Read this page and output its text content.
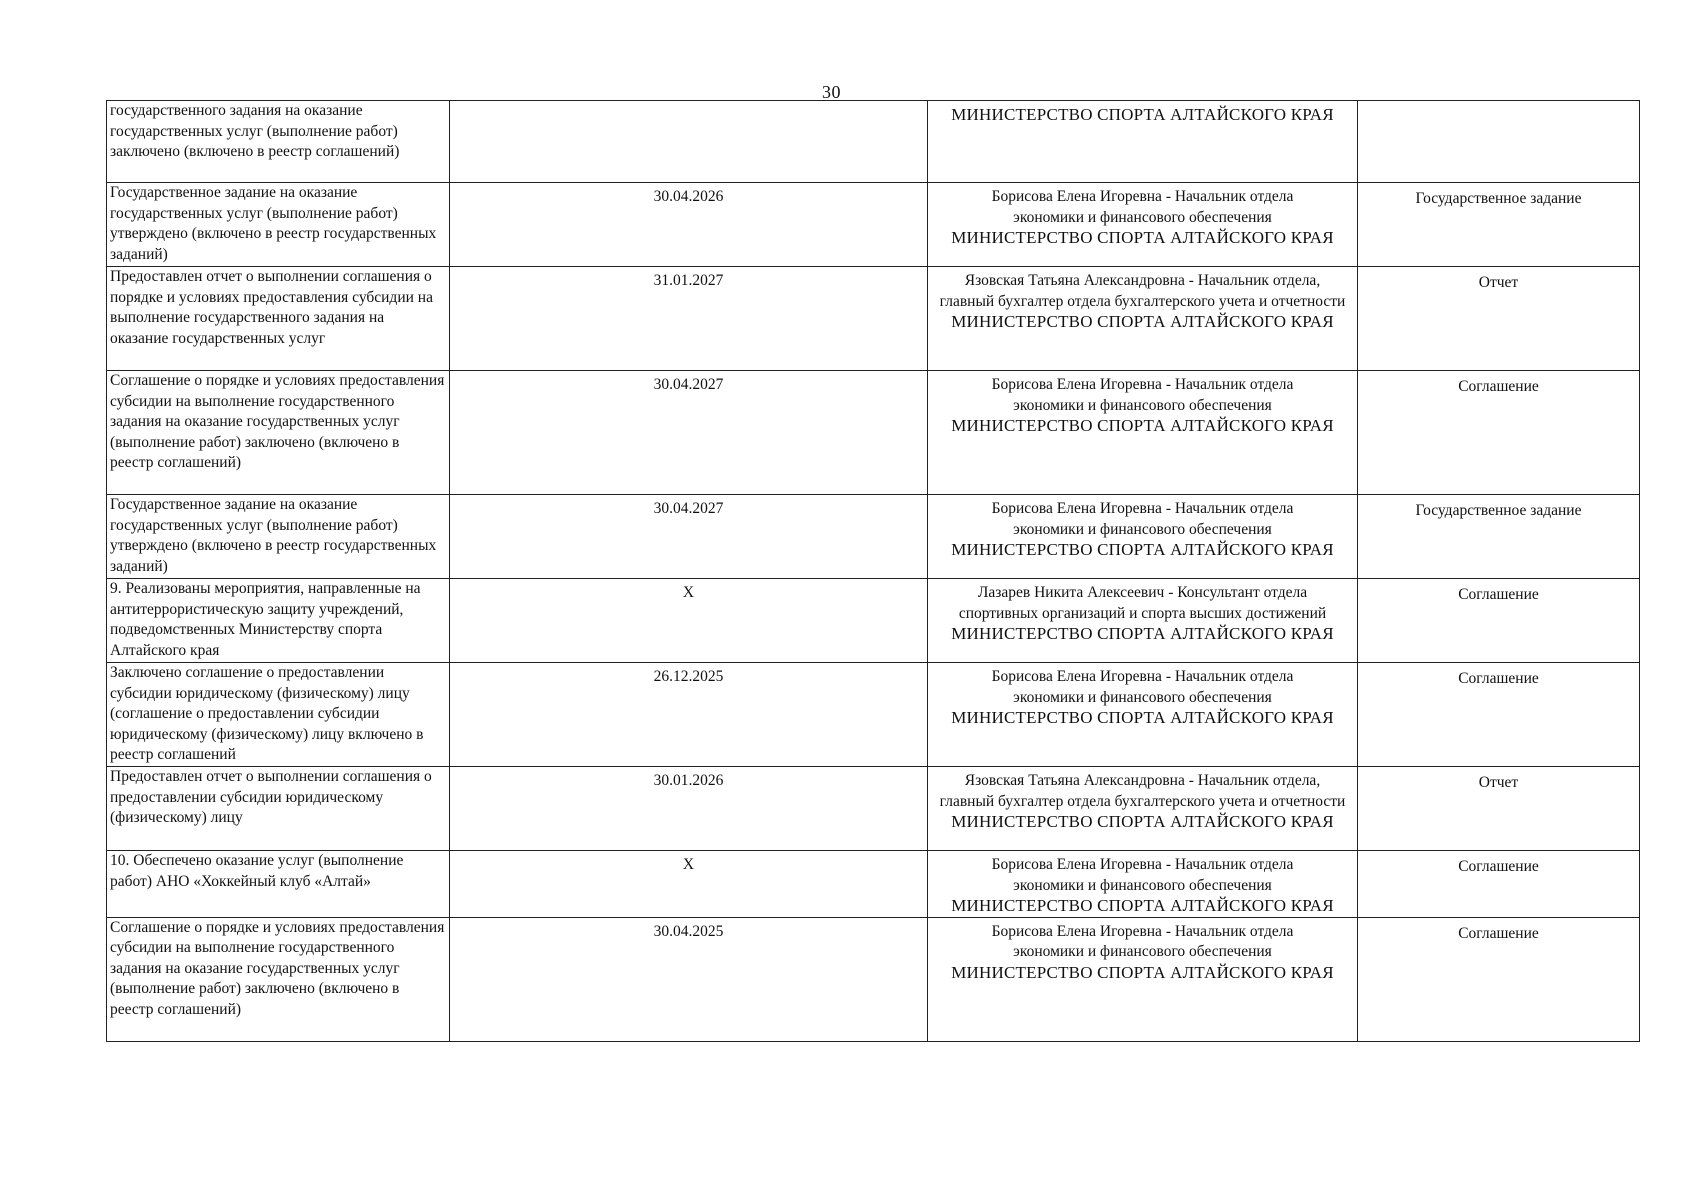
30
государственного задания на оказание государственных услуг (выполнение работ) заключено (включено в реестр соглашений)		МИНИСТЕРСТВО СПОРТА АЛТАЙСКОГО КРАЯ	

Государственное задание на оказание государственных услуг (выполнение работ) утверждено (включено в реестр государственных заданий)	30.04.2026	Борисова Елена Игоревна - Начальник отдела
экономики и финансового обеспечения
МИНИСТЕРСТВО СПОРТА АЛТАЙСКОГО КРАЯ	Государственное задание
Предоставлен отчет о выполнении соглашения о порядке и условиях предоставления субсидии на выполнение государственного задания на оказание государственных услуг	31.01.2027	Язовская Татьяна Александровна - Начальник отдела,
главный бухгалтер отдела бухгалтерского учета и отчетности
МИНИСТЕРСТВО СПОРТА АЛТАЙСКОГО КРАЯ	Отчет
Соглашение о порядке и условиях предоставления субсидии на выполнение государственного задания на оказание государственных услуг (выполнение работ) заключено (включено в реестр соглашений)	30.04.2027	Борисова Елена Игоревна - Начальник отдела
экономики и финансового обеспечения
МИНИСТЕРСТВО СПОРТА АЛТАЙСКОГО КРАЯ	Соглашение
Государственное задание на оказание государственных услуг (выполнение работ) утверждено (включено в реестр государственных заданий)	30.04.2027	Борисова Елена Игоревна - Начальник отдела
экономики и финансового обеспечения
МИНИСТЕРСТВО СПОРТА АЛТАЙСКОГО КРАЯ	Государственное задание
9. Реализованы мероприятия, направленные на антитеррористическую защиту учреждений, подведомственных Министерству спорта Алтайского края	X	Лазарев Никита Алексеевич - Консультант отдела
спортивных организаций и спорта высших достижений
МИНИСТЕРСТВО СПОРТА АЛТАЙСКОГО КРАЯ	Соглашение
Заключено соглашение о предоставлении субсидии юридическому (физическому) лицу (соглашение о предоставлении субсидии юридическому (физическому) лицу включено в реестр соглашений	26.12.2025	Борисова Елена Игоревна - Начальник отдела
экономики и финансового обеспечения
МИНИСТЕРСТВО СПОРТА АЛТАЙСКОГО КРАЯ	Соглашение
Предоставлен отчет о выполнении соглашения о предоставлении субсидии юридическому (физическому) лицу	30.01.2026	Язовская Татьяна Александровна - Начальник отдела,
главный бухгалтер отдела бухгалтерского учета и отчетности
МИНИСТЕРСТВО СПОРТА АЛТАЙСКОГО КРАЯ	Отчет
10. Обеспечено оказание услуг (выполнение работ) АНО «Хоккейный клуб «Алтай»	X	Борисова Елена Игоревна - Начальник отдела
экономики и финансового обеспечения
МИНИСТЕРСТВО СПОРТА АЛТАЙСКОГО КРАЯ	Соглашение
Соглашение о порядке и условиях предоставления субсидии на выполнение государственного задания на оказание государственных услуг (выполнение работ) заключено (включено в реестр соглашений)	30.04.2025	Борисова Елена Игоревна - Начальник отдела
экономики и финансового обеспечения
МИНИСТЕРСТВО СПОРТА АЛТАЙСКОГО КРАЯ	Соглашение
